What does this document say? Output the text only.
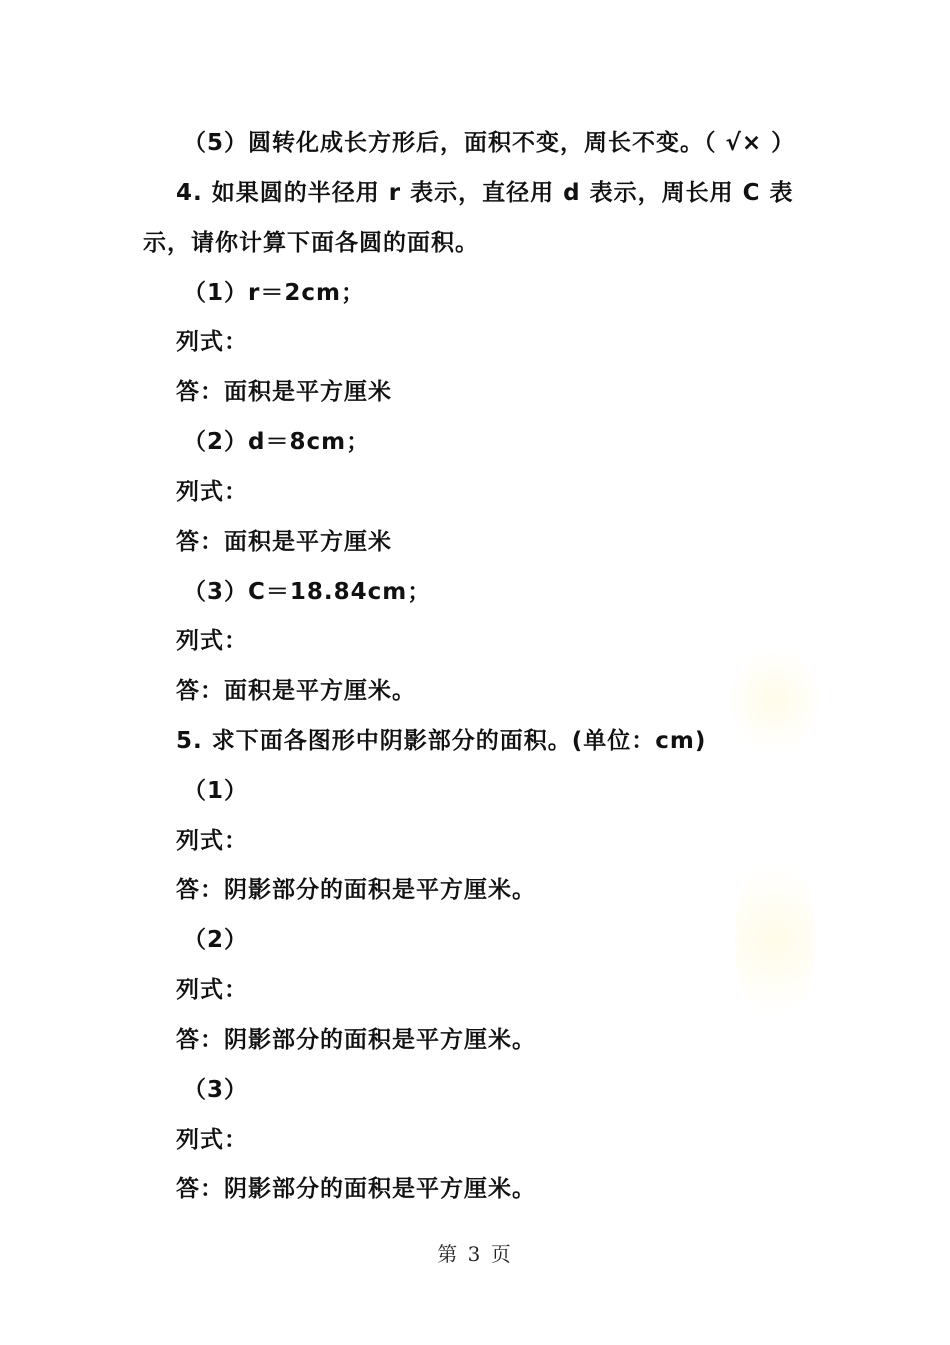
（5）圆转化成长方形后，面积不变，周长不变。（ √× ）
4. 如果圆的半径用 r 表示，直径用 d 表示，周长用 C 表
示，请你计算下面各圆的面积。
（1）r＝2cm；
列式：
答：面积是平方厘米
（2）d＝8cm；
列式：
答：面积是平方厘米
（3）C＝18.84cm；
列式：
答：面积是平方厘米。
5. 求下面各图形中阴影部分的面积。(单位：cm)
（1）
列式：
答：阴影部分的面积是平方厘米。
（2）
列式：
答：阴影部分的面积是平方厘米。
（3）
列式：
答：阴影部分的面积是平方厘米。
第 3 页
